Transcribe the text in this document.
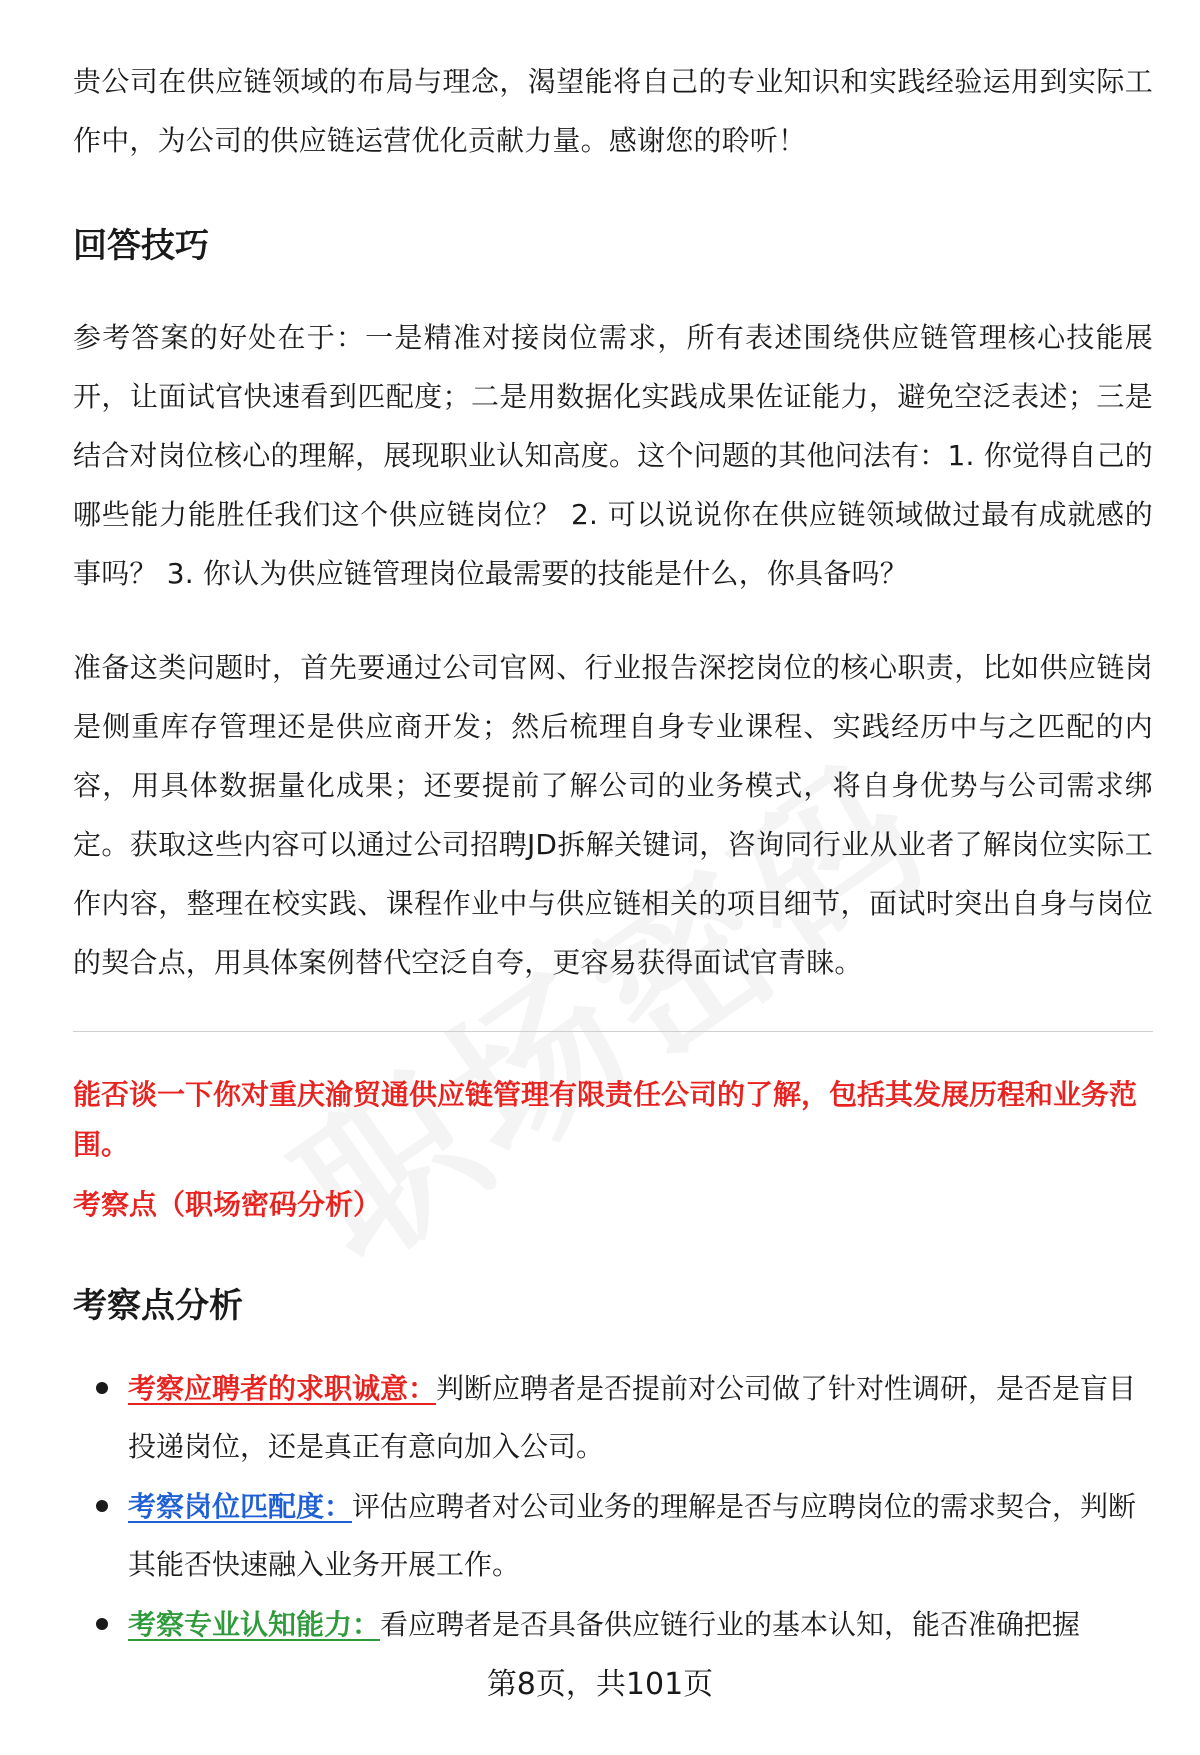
贵公司在供应链领域的布局与理念，渴望能将自己的专业知识和实践经验运用到实际工作中，为公司的供应链运营优化贡献力量。感谢您的聆听！

回答技巧

参考答案的好处在于：一是精准对接岗位需求，所有表述围绕供应链管理核心技能展开，让面试官快速看到匹配度；二是用数据化实践成果佐证能力，避免空泛表述；三是结合对岗位核心的理解，展现职业认知高度。这个问题的其他问法有：1. 你觉得自己的哪些能力能胜任我们这个供应链岗位？ 2. 可以说说你在供应链领域做过最有成就感的事吗？ 3. 你认为供应链管理岗位最需要的技能是什么，你具备吗？

准备这类问题时，首先要通过公司官网、行业报告深挖岗位的核心职责，比如供应链岗是侧重库存管理还是供应商开发；然后梳理自身专业课程、实践经历中与之匹配的内容，用具体数据量化成果；还要提前了解公司的业务模式，将自身优势与公司需求绑定。获取这些内容可以通过公司招聘JD拆解关键词，咨询同行业从业者了解岗位实际工作内容，整理在校实践、课程作业中与供应链相关的项目细节，面试时突出自身与岗位的契合点，用具体案例替代空泛自夸，更容易获得面试官青睐。

能否谈一下你对重庆渝贸通供应链管理有限责任公司的了解，包括其发展历程和业务范围。

考察点（职场密码分析）

考察点分析
考察应聘者的求职诚意：判断应聘者是否提前对公司做了针对性调研，是否是盲目投递岗位，还是真正有意向加入公司。
考察岗位匹配度：评估应聘者对公司业务的理解是否与应聘岗位的需求契合，判断其能否快速融入业务开展工作。
考察专业认知能力：看应聘者是否具备供应链行业的基本认知，能否准确把握
第8页，共101页
